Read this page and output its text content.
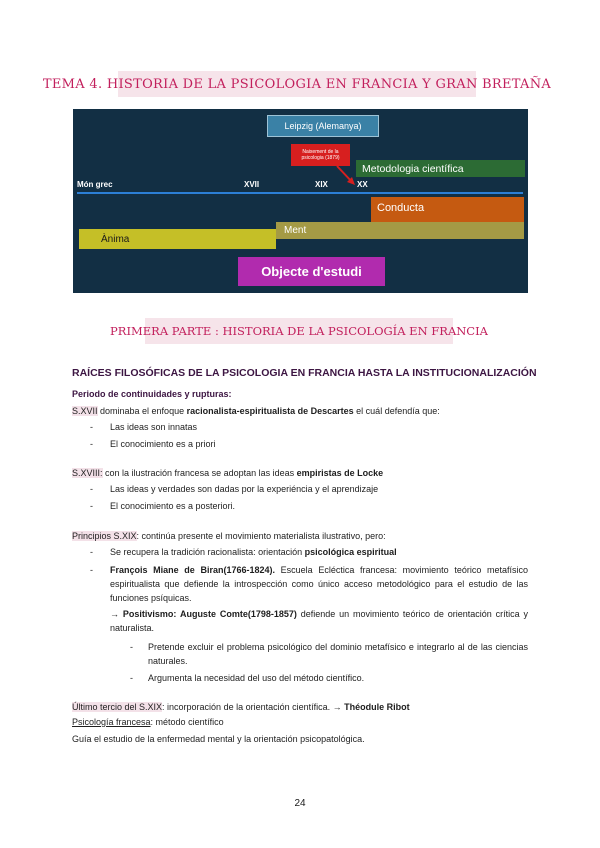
TEMA 4. HISTORIA DE LA PSICOLOGIA EN FRANCIA Y GRAN BRETAÑA
Leipzig (Alemanya)
Naixement de la psicologia (1879)
Metodologia científica
Món grec	XVII	XIX	XX
Conducta
Ment
Ànima
Objecte d'estudi
PRIMERA PARTE : HISTORIA DE LA PSICOLOGÍA EN FRANCIA
RAÍCES FILOSÓFICAS DE LA PSICOLOGIA EN FRANCIA HASTA LA INSTITUCIONALIZACIÓN
Periodo de continuidades y rupturas:
S.XVII dominaba el enfoque racionalista-espiritualista de Descartes el cuál defendía que:
- Las ideas son innatas
- El conocimiento es a priori
S.XVIII: con la ilustración francesa se adoptan las ideas empiristas de Locke
- Las ideas y verdades son dadas por la experiéncia y el aprendizaje
- El conocimiento es a posteriori.
Principios S.XIX: continúa presente el movimiento materialista ilustrativo, pero:
- Se recupera la tradición racionalista: orientación psicológica espiritual
- François Miane de Biran(1766-1824). Escuela Ecléctica francesa: movimiento teórico metafísico espiritualista que defiende la introspección como único acceso metodológico para el estudio de las funciones psíquicas.
→ Positivismo: Auguste Comte(1798-1857) defiende un movimiento teórico de orientación crítica y naturalista.
- Pretende excluir el problema psicológico del dominio metafísico e integrarlo al de las ciencias naturales.
- Argumenta la necesidad del uso del método científico.
Último tercio del S.XIX: incorporación de la orientación científica. → Théodule Ribot
Psicología francesa: método científico
Guía el estudio de la enfermedad mental y la orientación psicopatológica.
24
